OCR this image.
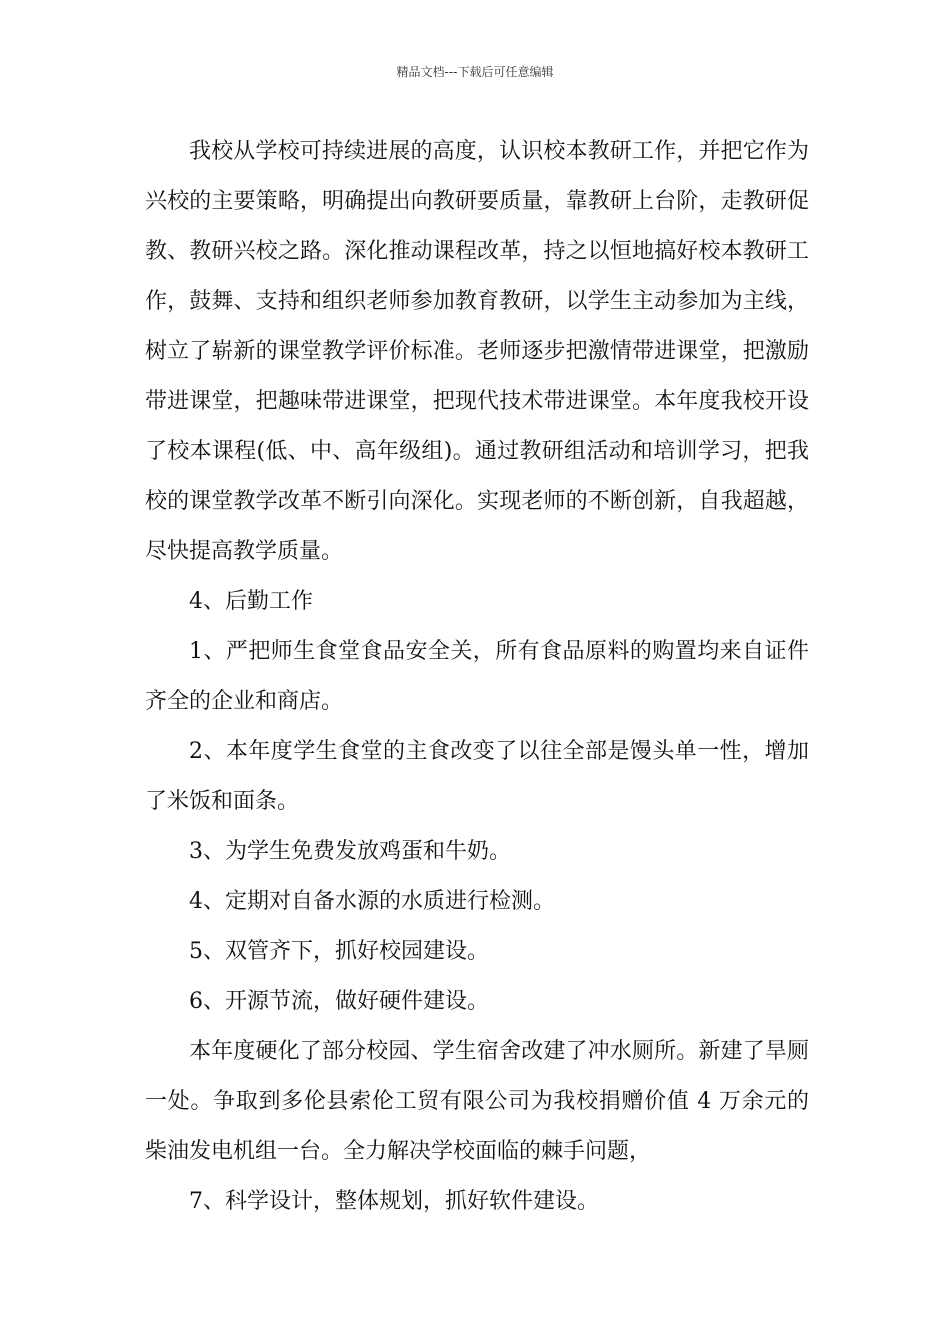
精品文档---下载后可任意编辑

我校从学校可持续进展的高度，认识校本教研工作，并把它作为兴校的主要策略，明确提出向教研要质量，靠教研上台阶，走教研促教、教研兴校之路。深化推动课程改革，持之以恒地搞好校本教研工作，鼓舞、支持和组织老师参加教育教研，以学生主动参加为主线，树立了崭新的课堂教学评价标准。老师逐步把激情带进课堂，把激励带进课堂，把趣味带进课堂，把现代技术带进课堂。本年度我校开设了校本课程(低、中、高年级组)。通过教研组活动和培训学习，把我校的课堂教学改革不断引向深化。实现老师的不断创新，自我超越，尽快提高教学质量。

4、后勤工作

1、严把师生食堂食品安全关，所有食品原料的购置均来自证件齐全的企业和商店。

2、本年度学生食堂的主食改变了以往全部是馒头单一性，增加了米饭和面条。

3、为学生免费发放鸡蛋和牛奶。

4、定期对自备水源的水质进行检测。

5、双管齐下，抓好校园建设。

6、开源节流，做好硬件建设。

本年度硬化了部分校园、学生宿舍改建了冲水厕所。新建了旱厕一处。争取到多伦县索伦工贸有限公司为我校捐赠价值 4 万余元的柴油发电机组一台。全力解决学校面临的棘手问题，

7、科学设计，整体规划，抓好软件建设。
